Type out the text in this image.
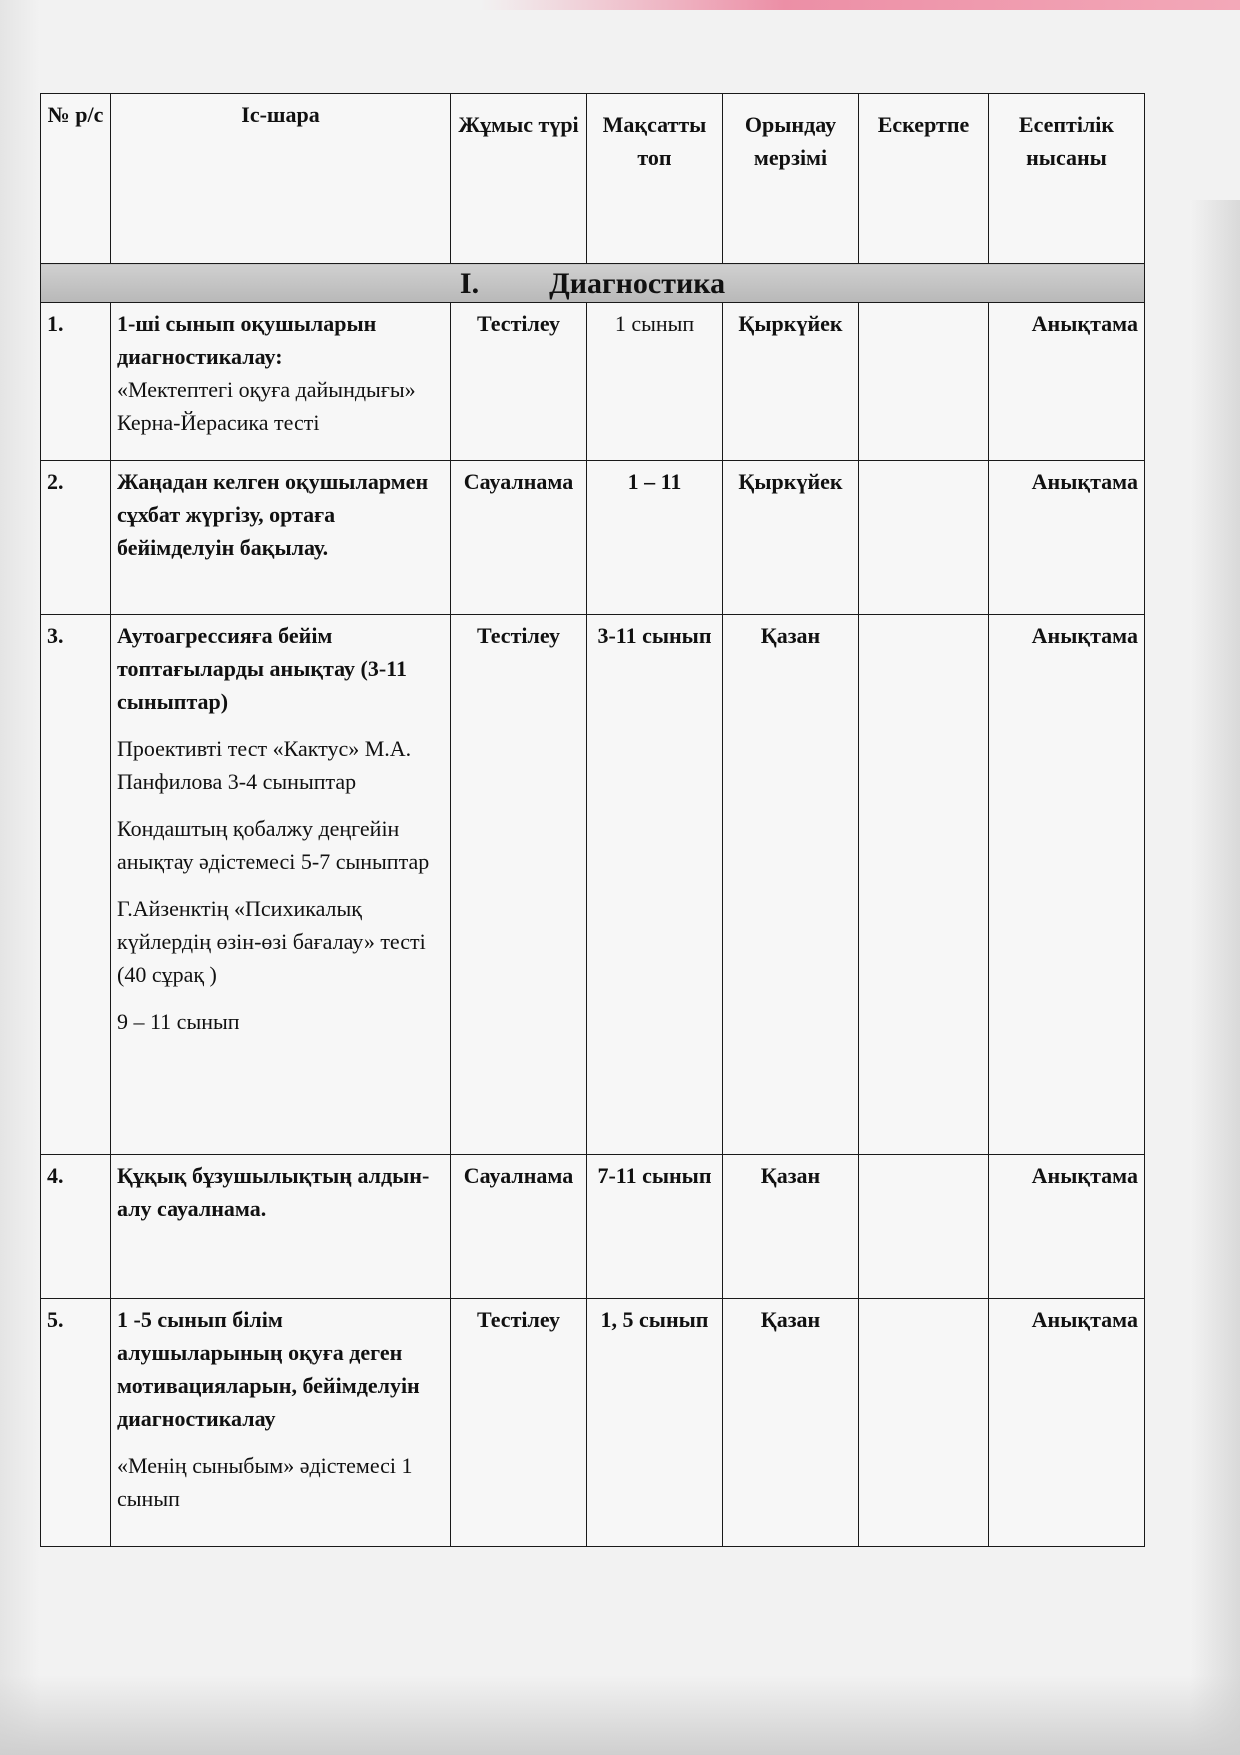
№ р/с	Іс-шара	Жұмыс түрі	Мақсатты топ	Орындау мерзімі	Ескертпе	Есептілік нысаны
I. Диагностика						
1.	1-ші сынып оқушыларын диагностикалау:
«Мектептегі оқуға дайындығы» Керна-Йерасика тесті	Тестілеу	1 сынып	Қыркүйек		Анықтама
2.	Жаңадан келген оқушылармен сұхбат жүргізу, ортаға бейімделуін бақылау.	Сауалнама	1 – 11	Қыркүйек		Анықтама
3.	Аутоагрессияға бейім топтағыларды анықтау (3-11 сыныптар)
Проективті тест «Кактус» М.А. Панфилова 3-4 сыныптар
Кондаштың қобалжу деңгейін анықтау әдістемесі 5-7 сыныптар
Г.Айзенктің «Психикалық күйлердің өзін-өзі бағалау» тесті (40 сұрақ )
9 – 11 сынып	Тестілеу	3-11 сынып	Қазан		Анықтама
4.	Құқық бұзушылықтың алдын-алу сауалнама.	Сауалнама	7-11 сынып	Қазан		Анықтама
5.	1 -5 сынып білім алушыларының оқуға деген мотивацияларын, бейімделуін диагностикалау
«Менің сыныбым» әдістемесі 1 сынып	Тестілеу	1, 5 сынып	Қазан		Анықтама
